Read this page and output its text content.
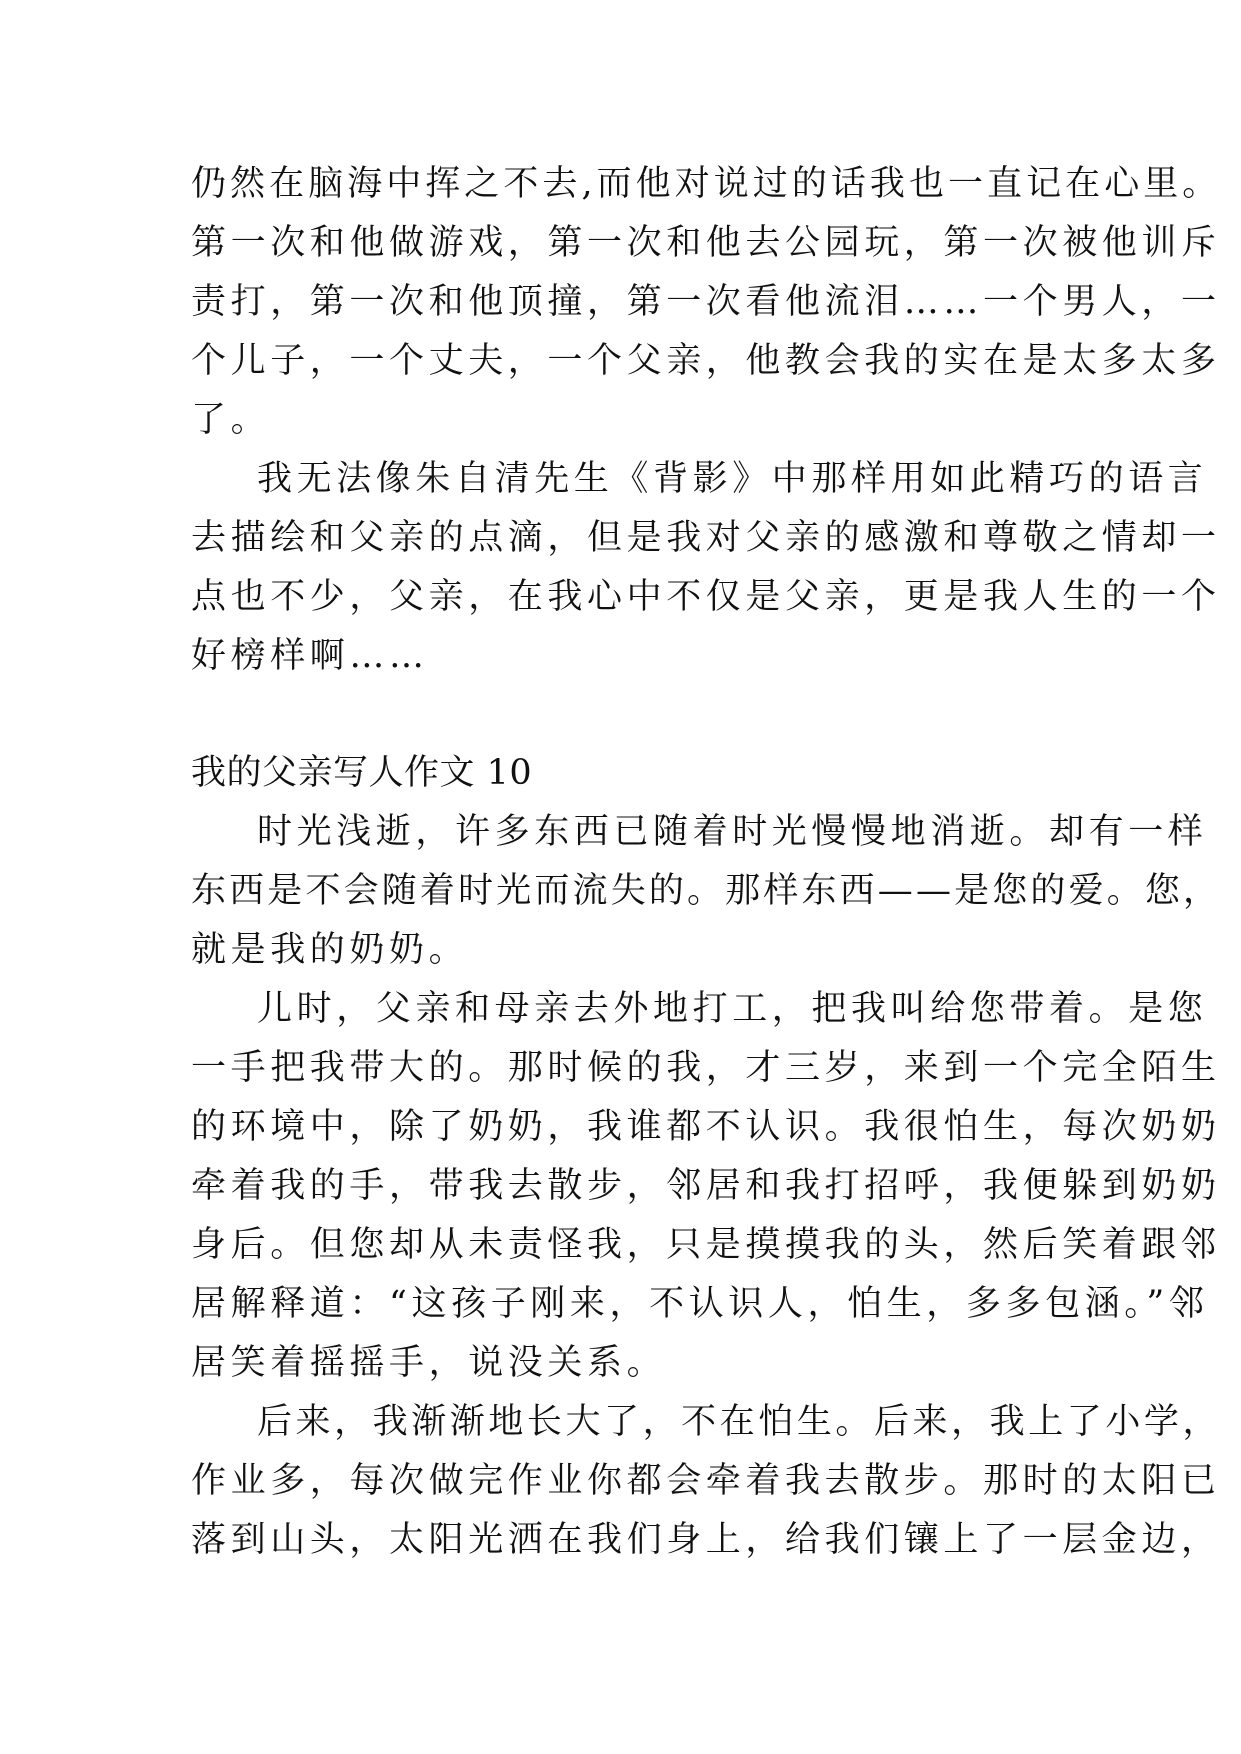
仍然在脑海中挥之不去,而他对说过的话我也一直记在心里。
第一次和他做游戏，第一次和他去公园玩，第一次被他训斥
责打，第一次和他顶撞，第一次看他流泪……一个男人，一
个儿子，一个丈夫，一个父亲，他教会我的实在是太多太多
了。
我无法像朱自清先生《背影》中那样用如此精巧的语言
去描绘和父亲的点滴，但是我对父亲的感激和尊敬之情却一
点也不少，父亲，在我心中不仅是父亲，更是我人生的一个
好榜样啊……
我的父亲写人作文 10
时光浅逝，许多东西已随着时光慢慢地消逝。却有一样
东西是不会随着时光而流失的。那样东西——是您的爱。您，
就是我的奶奶。
儿时，父亲和母亲去外地打工，把我叫给您带着。是您
一手把我带大的。那时候的我，才三岁，来到一个完全陌生
的环境中，除了奶奶，我谁都不认识。我很怕生，每次奶奶
牵着我的手，带我去散步，邻居和我打招呼，我便躲到奶奶
身后。但您却从未责怪我，只是摸摸我的头，然后笑着跟邻
居解释道：“这孩子刚来，不认识人，怕生，多多包涵。”邻
居笑着摇摇手，说没关系。
后来，我渐渐地长大了，不在怕生。后来，我上了小学，
作业多，每次做完作业你都会牵着我去散步。那时的太阳已
落到山头，太阳光洒在我们身上，给我们镶上了一层金边，
